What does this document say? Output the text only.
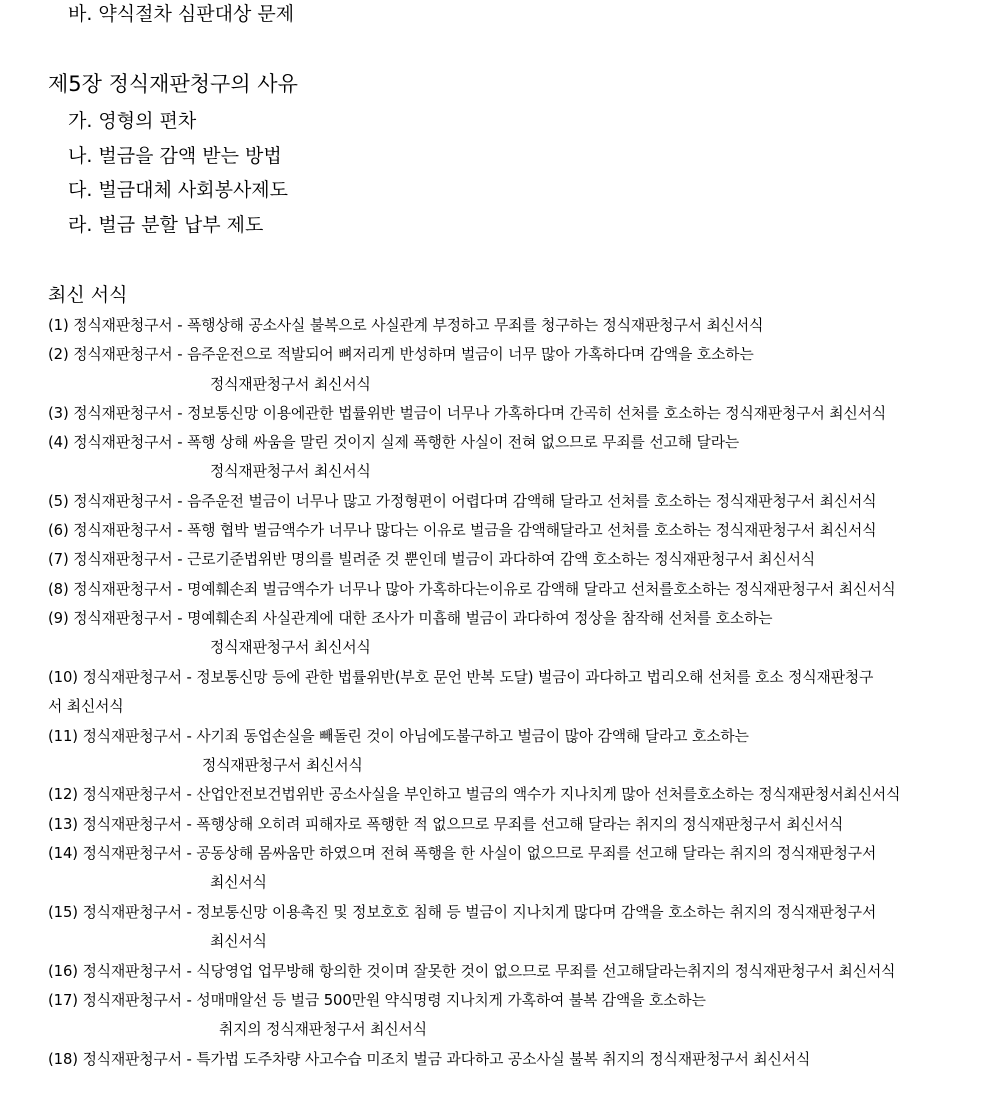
바. 약식절차 심판대상 문제
제5장 정식재판청구의 사유
가. 영형의 편차
나. 벌금을 감액 받는 방법
다. 벌금대체 사회봉사제도
라. 벌금 분할 납부 제도
최신 서식
(1) 정식재판청구서 - 폭행상해 공소사실 불복으로 사실관계 부정하고 무죄를 청구하는 정식재판청구서 최신서식
(2) 정식재판청구서 - 음주운전으로 적발되어 뼈저리게 반성하며 벌금이 너무 많아 가혹하다며 감액을 호소하는
정식재판청구서 최신서식
(3) 정식재판청구서 - 정보통신망 이용에관한 법률위반 벌금이 너무나 가혹하다며 간곡히 선처를 호소하는 정식재판청구서 최신서식
(4) 정식재판청구서 - 폭행 상해 싸움을 말린 것이지 실제 폭행한 사실이 전혀 없으므로 무죄를 선고해 달라는
정식재판청구서 최신서식
(5) 정식재판청구서 - 음주운전 벌금이 너무나 많고 가정형편이 어렵다며 감액해 달라고 선처를 호소하는 정식재판청구서 최신서식
(6) 정식재판청구서 - 폭행 협박 벌금액수가 너무나 많다는 이유로 벌금을 감액해달라고 선처를 호소하는 정식재판청구서 최신서식
(7) 정식재판청구서 - 근로기준법위반 명의를 빌려준 것 뿐인데 벌금이 과다하여 감액 호소하는 정식재판청구서 최신서식
(8) 정식재판청구서 - 명예훼손죄 벌금액수가 너무나 많아 가혹하다는이유로 감액해 달라고 선처를호소하는 정식재판청구서 최신서식
(9) 정식재판청구서 - 명예훼손죄 사실관계에 대한 조사가 미흡해 벌금이 과다하여 정상을 참작해 선처를 호소하는
정식재판청구서 최신서식
(10) 정식재판청구서 - 정보통신망 등에 관한 법률위반(부호 문언 반복 도달) 벌금이 과다하고 법리오해 선처를 호소 정식재판청구
서 최신서식
(11) 정식재판청구서 - 사기죄 동업손실을 빼돌린 것이 아님에도불구하고 벌금이 많아 감액해 달라고 호소하는
정식재판청구서 최신서식
(12) 정식재판청구서 - 산업안전보건법위반 공소사실을 부인하고 벌금의 액수가 지나치게 많아 선처를호소하는 정식재판청서최신서식
(13) 정식재판청구서 - 폭행상해 오히려 피해자로 폭행한 적 없으므로 무죄를 선고해 달라는 취지의 정식재판청구서 최신서식
(14) 정식재판청구서 - 공동상해 몸싸움만 하였으며 전혀 폭행을 한 사실이 없으므로 무죄를 선고해 달라는 취지의 정식재판청구서
최신서식
(15) 정식재판청구서 - 정보통신망 이용촉진 및 정보호호 침해 등 벌금이 지나치게 많다며 감액을 호소하는 취지의 정식재판청구서
최신서식
(16) 정식재판청구서 - 식당영업 업무방해 항의한 것이며 잘못한 것이 없으므로 무죄를 선고해달라는취지의 정식재판청구서 최신서식
(17) 정식재판청구서 - 성매매알선 등 벌금 500만원 약식명령 지나치게 가혹하여 불복 감액을 호소하는
취지의 정식재판청구서 최신서식
(18) 정식재판청구서 - 특가법 도주차량 사고수습 미조치 벌금 과다하고 공소사실 불복 취지의 정식재판청구서 최신서식
